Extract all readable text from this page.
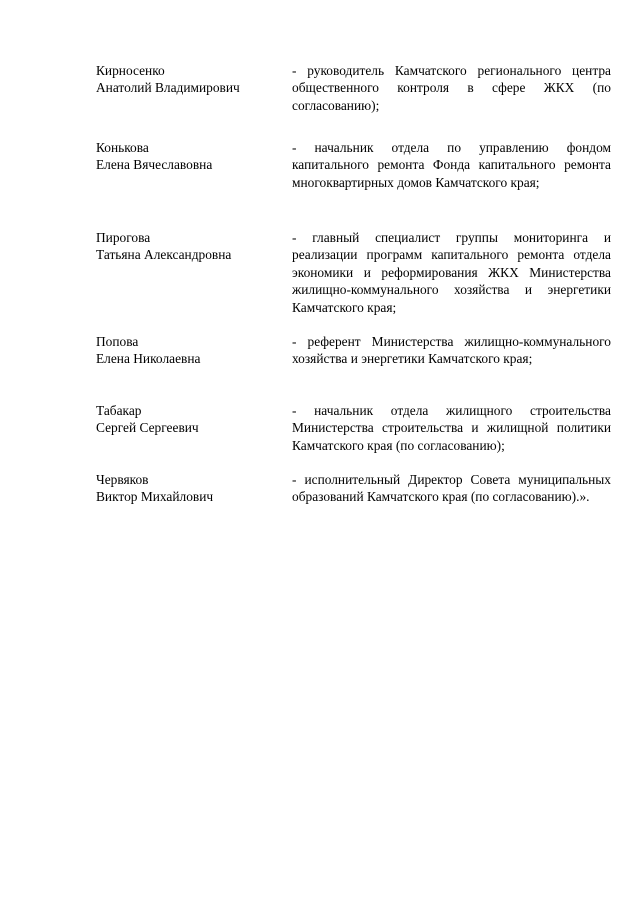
Кирносенко
Анатолий Владимирович
- руководитель Камчатского регионального центра общественного контроля в сфере ЖКХ (по согласованию);
Конькова
Елена Вячеславовна
- начальник отдела по управлению фондом капитального ремонта Фонда капитального ремонта многоквартирных домов Камчатского края;
Пирогова
Татьяна Александровна
- главный специалист группы мониторинга и реализации программ капитального ремонта отдела экономики и реформирования ЖКХ Министерства жилищно-коммунального хозяйства и энергетики Камчатского края;
Попова
Елена Николаевна
- референт Министерства жилищно-коммунального хозяйства и энергетики Камчатского края;
Табакар
Сергей Сергеевич
- начальник отдела жилищного строительства Министерства строительства и жилищной политики Камчатского края (по согласованию);
Червяков
Виктор Михайлович
- исполнительный Директор Совета муниципальных образований Камчатского края (по согласованию).».
